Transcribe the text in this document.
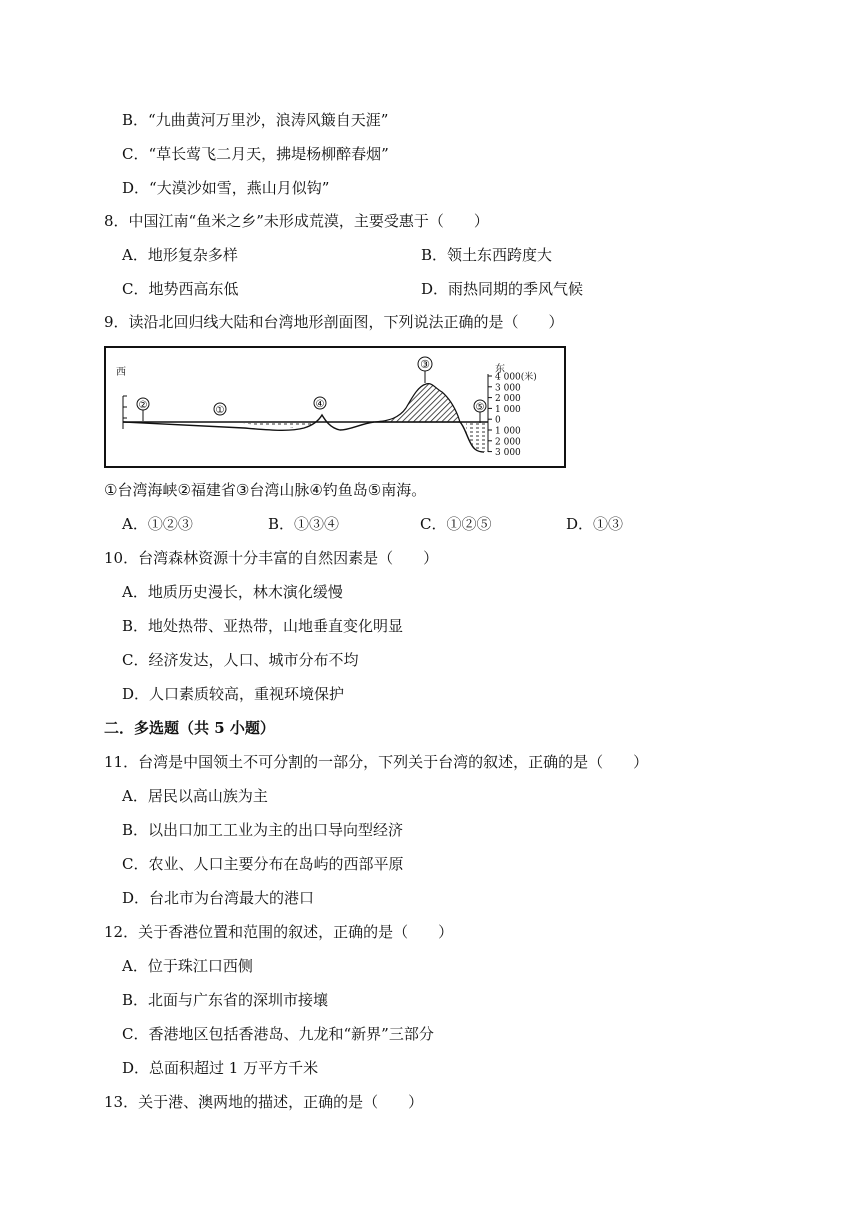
B．“九曲黄河万里沙，浪涛风簸自天涯”
C．“草长莺飞二月天，拂堤杨柳醉春烟”
D．“大漠沙如雪，燕山月似钩”
8．中国江南“鱼米之乡”未形成荒漠，主要受惠于（　　）
A．地形复杂多样	B．领土东西跨度大
C．地势西高东低	D．雨热同期的季风气候
9．读沿北回归线大陆和台湾地形剖面图，下列说法正确的是（　　）
西	东
4 000(米)
3 000
2 000
1 000
0
1 000
2 000
3 000
②	①
④
③
⑤
①台湾海峡②福建省③台湾山脉④钓鱼岛⑤南海。
A．①②③	B．①③④	C．①②⑤	D．①③
10．台湾森林资源十分丰富的自然因素是（　　）
A．地质历史漫长，林木演化缓慢
B．地处热带、亚热带，山地垂直变化明显
C．经济发达，人口、城市分布不均
D．人口素质较高，重视环境保护
二．多选题（共 5 小题）
11．台湾是中国领土不可分割的一部分，下列关于台湾的叙述，正确的是（　　）
A．居民以高山族为主
B．以出口加工工业为主的出口导向型经济
C．农业、人口主要分布在岛屿的西部平原
D．台北市为台湾最大的港口
12．关于香港位置和范围的叙述，正确的是（　　）
A．位于珠江口西侧
B．北面与广东省的深圳市接壤
C．香港地区包括香港岛、九龙和“新界”三部分
D．总面积超过 1 万平方千米
13．关于港、澳两地的描述，正确的是（　　）
